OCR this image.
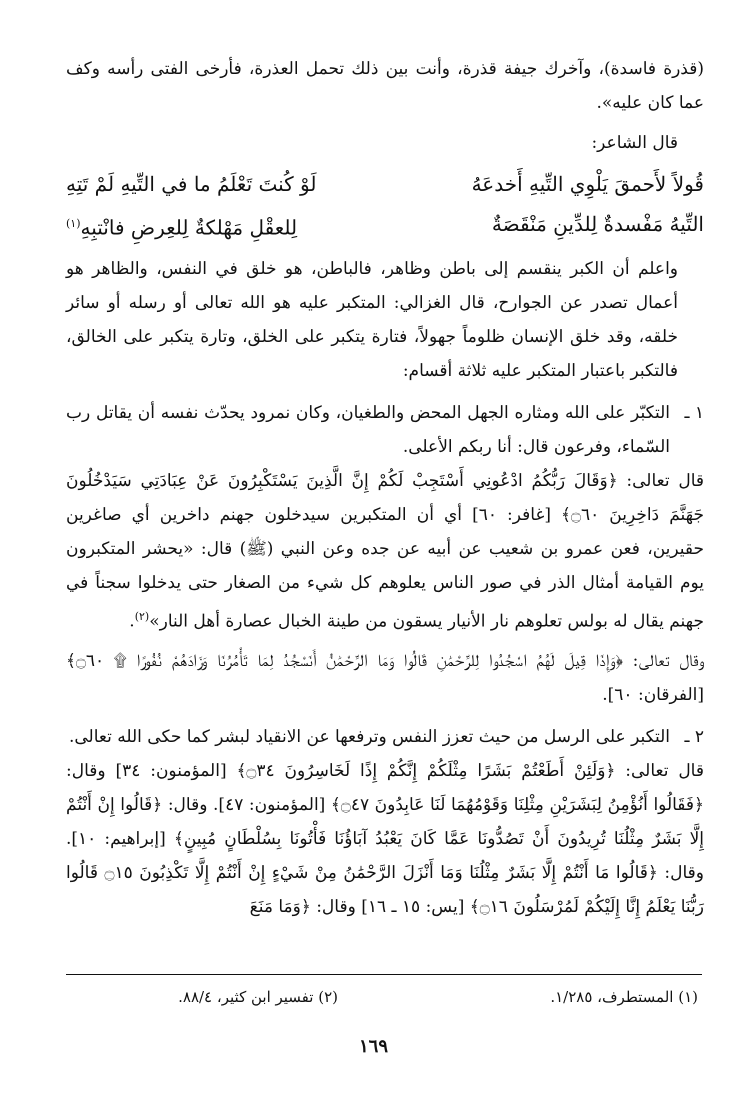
(قذرة فاسدة)، وآخرك جيفة قذرة، وأنت بين ذلك تحمل العذرة، فأرخى الفتى رأسه وكف عما كان عليه».

قال الشاعر:

قُولاً لأَحمقَ يَلْوِي التِّيهِ أَخدعَهُ
لَوْ كُنتَ تَعْلَمُ ما في التِّيهِ لَمْ تَتِهِ
التِّيهُ مَفْسدةٌ لِلدِّينِ مَنْقَصَةٌ
لِلعقْلِ مَهْلكةٌ لِلعِرضِ فانْتبِهِ$^{(١)}$

واعلم أن الكبر ينقسم إلى باطن وظاهر، فالباطن، هو خلق في النفس، والظاهر هو أعمال تصدر عن الجوارح، قال الغزالي: المتكبر عليه هو الله تعالى أو رسله أو سائر خلقه، وقد خلق الإنسان ظلوماً جهولاً، فتارة يتكبر على الخلق، وتارة يتكبر على الخالق، فالتكبر باعتبار المتكبر عليه ثلاثة أقسام:

١ ـ
التكبّر على الله ومثاره الجهل المحض والطغيان، وكان نمرود يحدّث نفسه أن يقاتل رب السّماء، وفرعون قال: أنا ربكم الأعلى.

قال تعالى: ﴿وَقَالَ رَبُّكُمُ ادْعُونِي أَسْتَجِبْ لَكُمْ إِنَّ الَّذِينَ يَسْتَكْبِرُونَ عَنْ عِبَادَتِي سَيَدْخُلُونَ جَهَنَّمَ دَاخِرِينَ ۝٦٠﴾ [غافر: ٦٠] أي أن المتكبرين سيدخلون جهنم داخرين أي صاغرين حقيرين، فعن عمرو بن شعيب عن أبيه عن جده وعن النبي (ﷺ) قال: «يحشر المتكبرون يوم القيامة أمثال الذر في صور الناس يعلوهم كل شيء من الصغار حتى يدخلوا سجناً في جهنم يقال له بولس تعلوهم نار الأنيار يسقون من طينة الخبال عصارة أهل النار»$^{(٢)}$.

وقال تعالى: ﴿وَإِذَا قِيلَ لَهُمُ اسْجُدُوا لِلرَّحْمَٰنِ قَالُوا وَمَا الرَّحْمَٰنُ أَنَسْجُدُ لِمَا تَأْمُرُنَا وَزَادَهُمْ نُفُورًا ۩ ۝٦٠﴾ [الفرقان: ٦٠].

٢ ـ
التكبر على الرسل من حيث تعزز النفس وترفعها عن الانقياد لبشر كما حكى الله تعالى.

قال تعالى: ﴿وَلَئِنْ أَطَعْتُمْ بَشَرًا مِثْلَكُمْ إِنَّكُمْ إِذًا لَخَاسِرُونَ ۝٣٤﴾ [المؤمنون: ٣٤] وقال: ﴿فَقَالُوا أَنُؤْمِنُ لِبَشَرَيْنِ مِثْلِنَا وَقَوْمُهُمَا لَنَا عَابِدُونَ ۝٤٧﴾ [المؤمنون: ٤٧]. وقال: ﴿قَالُوا إِنْ أَنْتُمْ إِلَّا بَشَرٌ مِثْلُنَا تُرِيدُونَ أَنْ تَصُدُّونَا عَمَّا كَانَ يَعْبُدُ آبَاؤُنَا فَأْتُونَا بِسُلْطَانٍ مُبِينٍ﴾ [إبراهيم: ١٠]. وقال: ﴿قَالُوا مَا أَنْتُمْ إِلَّا بَشَرٌ مِثْلُنَا وَمَا أَنْزَلَ الرَّحْمَٰنُ مِنْ شَيْءٍ إِنْ أَنْتُمْ إِلَّا تَكْذِبُونَ ۝١٥ قَالُوا رَبُّنَا يَعْلَمُ إِنَّا إِلَيْكُمْ لَمُرْسَلُونَ ۝١٦﴾ [يس: ١٥ ـ ١٦] وقال: ﴿وَمَا مَنَعَ

(١) المستطرف، ١/٢٨٥.
(٢) تفسير ابن كثير، ٨٨/٤.
١٦٩
